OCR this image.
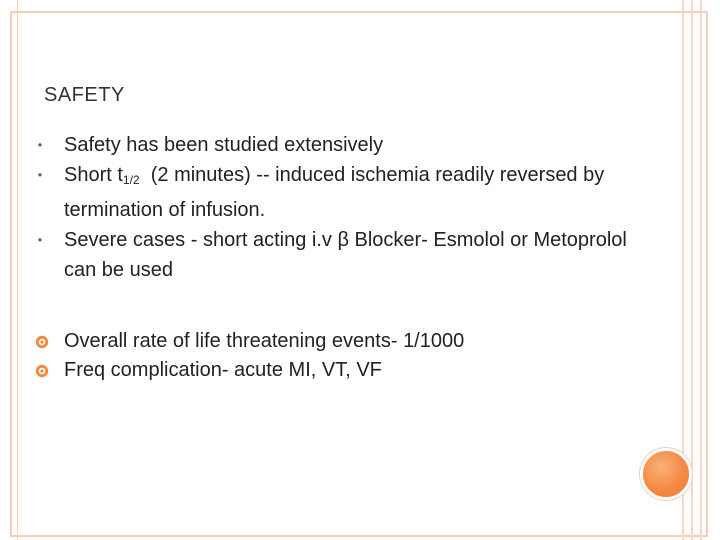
SAFETY
• Safety has been studied extensively
• Short $t_{1/2}$  (2 minutes) -- induced ischemia readily reversed by termination of infusion.
• Severe cases - short acting i.v β Blocker- Esmolol or Metoprolol can be used
Overall rate of life threatening events- 1/1000
Freq complication- acute MI, VT, VF
